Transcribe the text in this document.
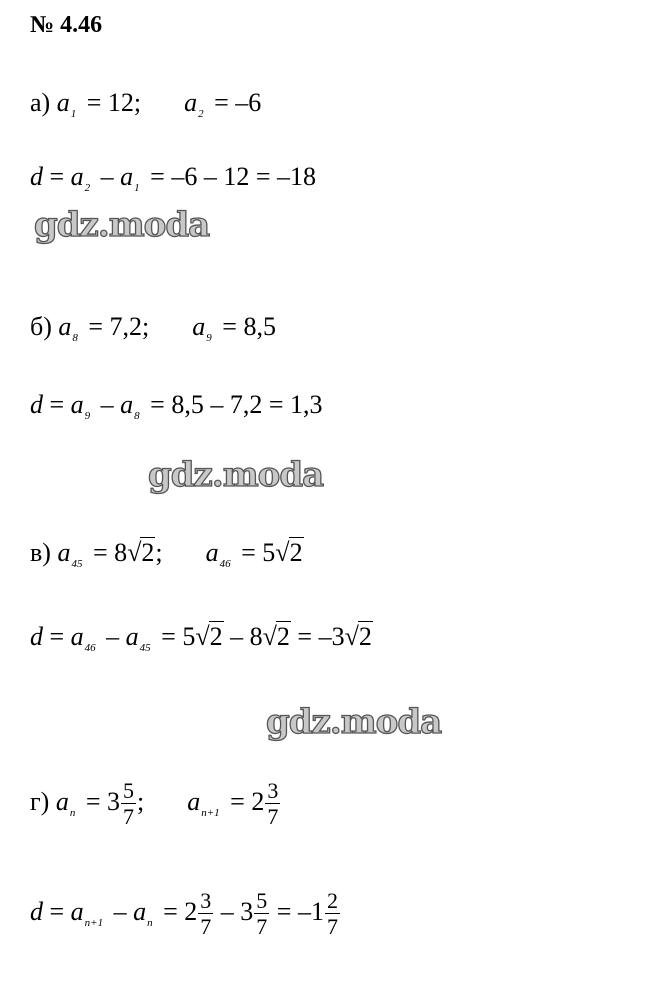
№ 4.46
а) $a_1 = 12$; $a_2 = -6$
$d = a_2 - a_1 = -6 - 12 = -18$
gdz.moda
б) $a_8 = 7,2$; $a_9 = 8,5$
$d = a_9 - a_8 = 8,5 - 7,2 = 1,3$
gdz.moda
в) $a_{45} = 8√2$; $a_{46} = 5√2$
$d = a_{46} - a_{45} = 5√2 - 8√2 = -3√2$
gdz.moda
г) $a_n = 3 \frac{5}{7}$ ; $a_{n+1} = 2 \frac{3}{7}$
$d = a_{n+1} - a_n = 2 \frac{3}{7} - 3 \frac{5}{7} = -1 \frac{2}{7}$
